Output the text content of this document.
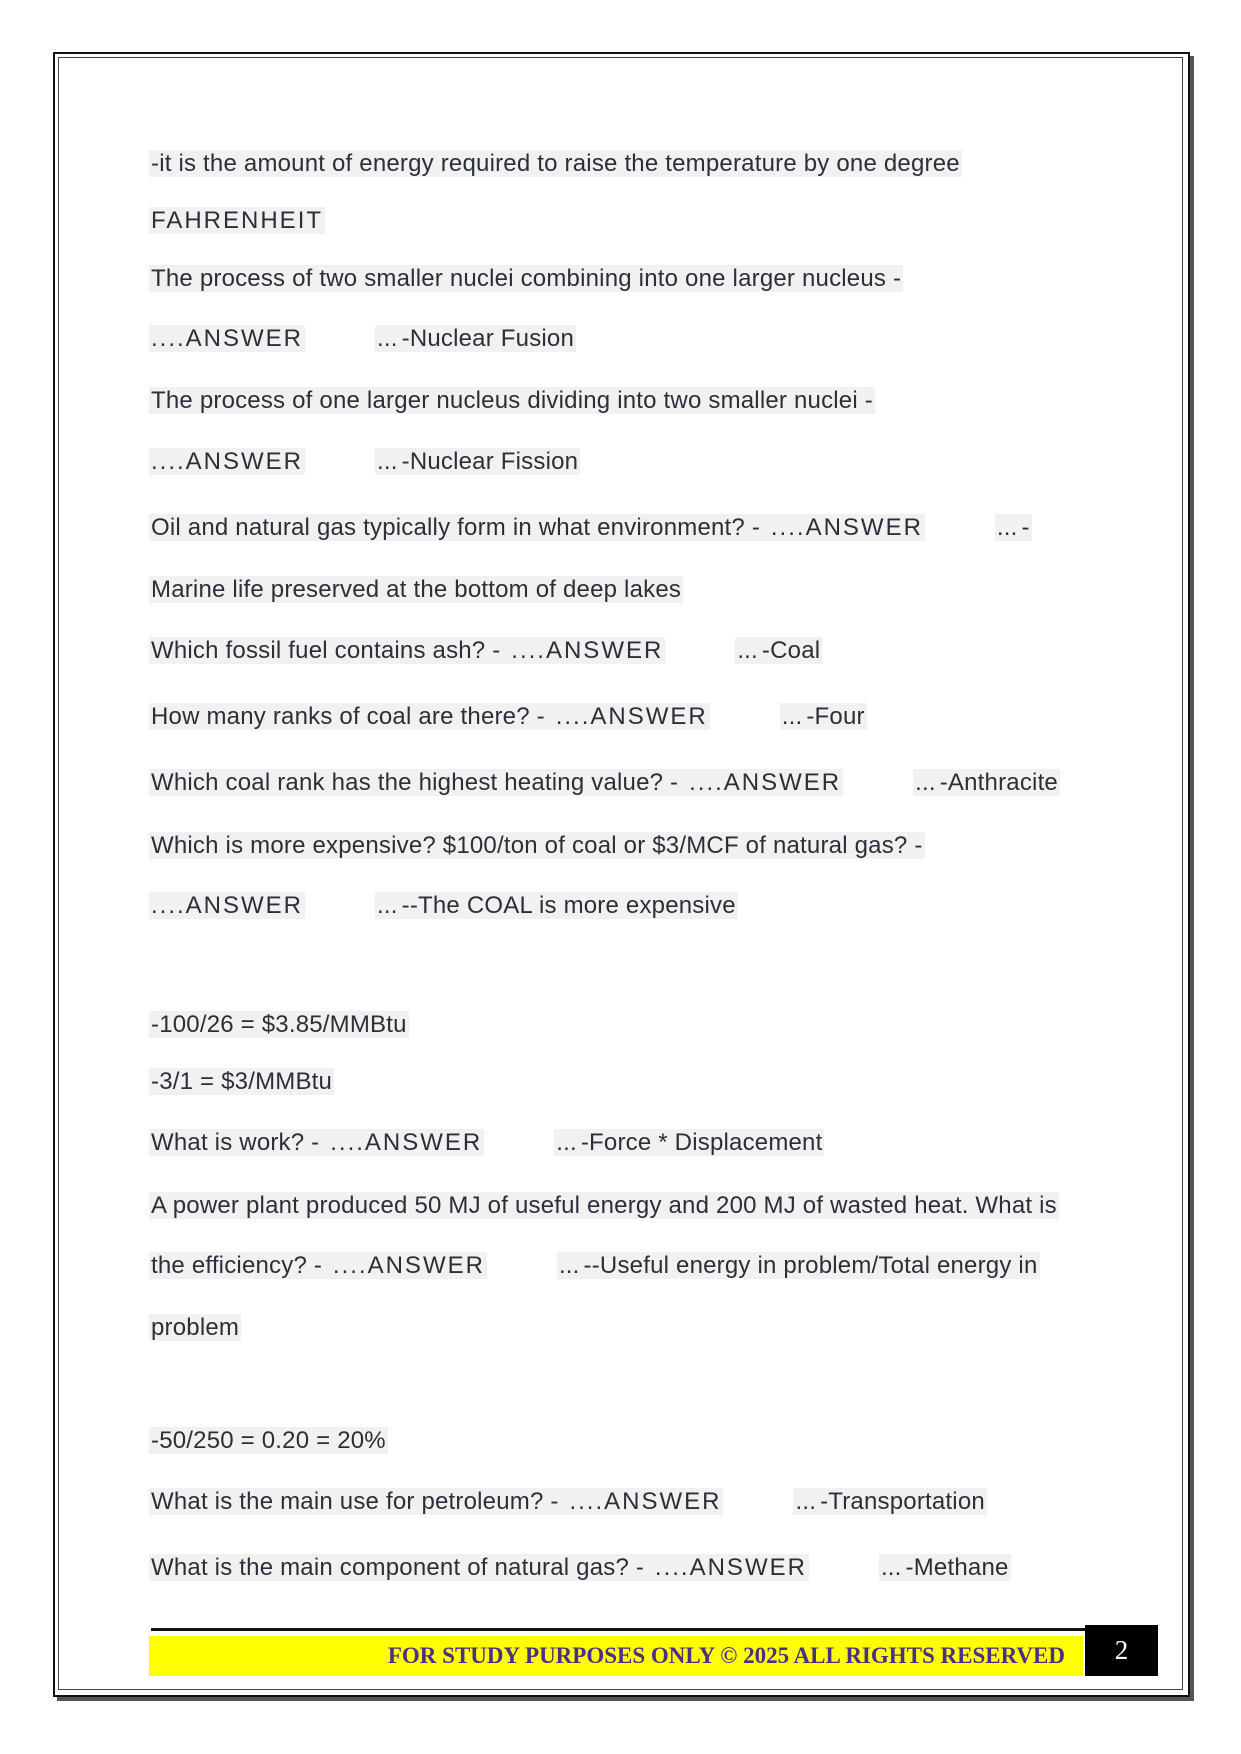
-it is the amount of energy required to raise the temperature by one degree
FAHRENHEIT
The process of two smaller nuclei combining into one larger nucleus -
....ANSWER	... -Nuclear Fusion
The process of one larger nucleus dividing into two smaller nuclei -
....ANSWER	... -Nuclear Fission
Oil and natural gas typically form in what environment? - ....ANSWER	... -
Marine life preserved at the bottom of deep lakes
Which fossil fuel contains ash? - ....ANSWER	... -Coal
How many ranks of coal are there? - ....ANSWER	... -Four
Which coal rank has the highest heating value? - ....ANSWER	... -Anthracite
Which is more expensive? $100/ton of coal or $3/MCF of natural gas? -
....ANSWER	... --The COAL is more expensive
-100/26 = $3.85/MMBtu
-3/1 = $3/MMBtu
What is work? - ....ANSWER	... -Force * Displacement
A power plant produced 50 MJ of useful energy and 200 MJ of wasted heat. What is
the efficiency? - ....ANSWER	... --Useful energy in problem/Total energy in
problem
-50/250 = 0.20 = 20%
What is the main use for petroleum? - ....ANSWER	... -Transportation
What is the main component of natural gas? - ....ANSWER	... -Methane
FOR STUDY PURPOSES ONLY © 2025 ALL RIGHTS RESERVED	2
